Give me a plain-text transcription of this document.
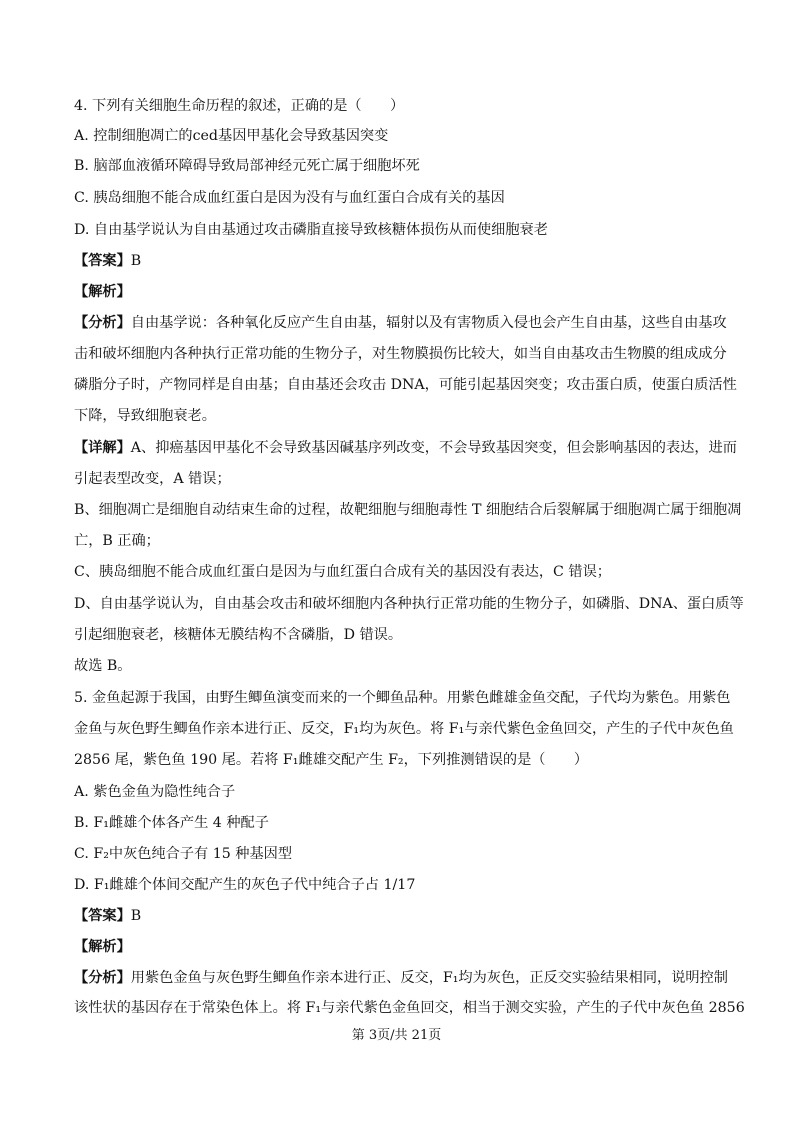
4. 下列有关细胞生命历程的叙述，正确的是（　　）
A. 控制细胞凋亡的ced基因甲基化会导致基因突变
B. 脑部血液循环障碍导致局部神经元死亡属于细胞坏死
C. 胰岛细胞不能合成血红蛋白是因为没有与血红蛋白合成有关的基因
D. 自由基学说认为自由基通过攻击磷脂直接导致核糖体损伤从而使细胞衰老
【答案】B
【解析】
【分析】自由基学说：各种氧化反应产生自由基，辐射以及有害物质入侵也会产生自由基，这些自由基攻
击和破坏细胞内各种执行正常功能的生物分子，对生物膜损伤比较大，如当自由基攻击生物膜的组成成分
磷脂分子时，产物同样是自由基；自由基还会攻击 DNA，可能引起基因突变；攻击蛋白质，使蛋白质活性
下降，导致细胞衰老。
【详解】A、抑癌基因甲基化不会导致基因碱基序列改变，不会导致基因突变，但会影响基因的表达，进而
引起表型改变，A 错误；
B、细胞凋亡是细胞自动结束生命的过程，故靶细胞与细胞毒性 T 细胞结合后裂解属于细胞凋亡属于细胞凋
亡，B 正确；
C、胰岛细胞不能合成血红蛋白是因为与血红蛋白合成有关的基因没有表达，C 错误；
D、自由基学说认为，自由基会攻击和破坏细胞内各种执行正常功能的生物分子，如磷脂、DNA、蛋白质等
引起细胞衰老，核糖体无膜结构不含磷脂，D 错误。
故选 B。
5. 金鱼起源于我国，由野生鲫鱼演变而来的一个鲫鱼品种。用紫色雌雄金鱼交配，子代均为紫色。用紫色
金鱼与灰色野生鲫鱼作亲本进行正、反交，F₁均为灰色。将 F₁与亲代紫色金鱼回交，产生的子代中灰色鱼
2856 尾，紫色鱼 190 尾。若将 F₁雌雄交配产生 F₂，下列推测错误的是（　　）
A. 紫色金鱼为隐性纯合子
B. F₁雌雄个体各产生 4 种配子
C. F₂中灰色纯合子有 15 种基因型
D. F₁雌雄个体间交配产生的灰色子代中纯合子占 1/17
【答案】B
【解析】
【分析】用紫色金鱼与灰色野生鲫鱼作亲本进行正、反交，F₁均为灰色，正反交实验结果相同，说明控制
该性状的基因存在于常染色体上。将 F₁与亲代紫色金鱼回交，相当于测交实验，产生的子代中灰色鱼 2856
第 3页/共 21页
